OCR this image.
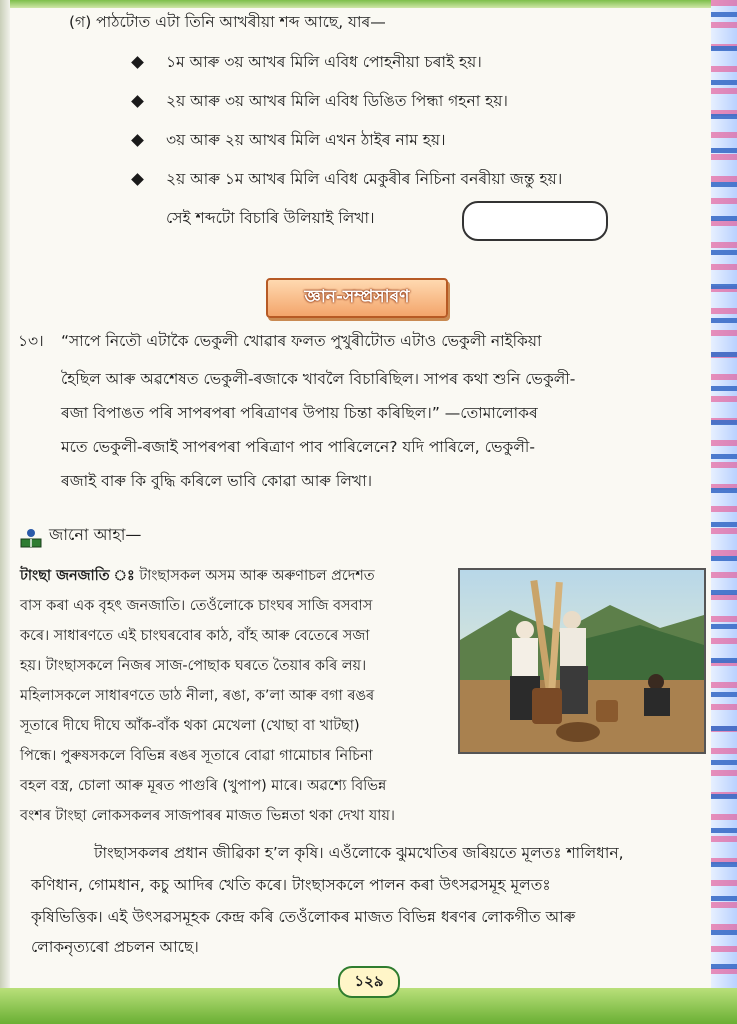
(গ) পাঠটোত এটা তিনি আখৰীয়া শব্দ আছে, যাৰ—
১ম আৰু ৩য় আখৰ মিলি এবিধ পোহনীয়া চৰাই হয়।
২য় আৰু ৩য় আখৰ মিলি এবিধ ডিঙিত পিন্ধা গহনা হয়।
৩য় আৰু ২য় আখৰ মিলি এখন ঠাইৰ নাম হয়।
২য় আৰু ১ম আখৰ মিলি এবিধ মেকুৰীৰ নিচিনা বনৰীয়া জন্তু হয়।
সেই শব্দটো বিচাৰি উলিয়াই লিখা।
জ্ঞান-সম্প্ৰসাৰণ
১৩। “সাপে নিতৌ এটাকৈ ভেকুলী খোৱাৰ ফলত পুখুৰীটোত এটাও ভেকুলী নাইকিয়া
হৈছিল আৰু অৱশেষত ভেকুলী-ৰজাকে খাবলৈ বিচাৰিছিল। সাপৰ কথা শুনি ভেকুলী-
ৰজা বিপাঙত পৰি সাপৰপৰা পৰিত্ৰাণৰ উপায় চিন্তা কৰিছিল।” —তোমালোকৰ
মতে ভেকুলী-ৰজাই সাপৰপৰা পৰিত্ৰাণ পাব পাৰিলেনে? যদি পাৰিলে, ভেকুলী-
ৰজাই বাৰু কি বুদ্ধি কৰিলে ভাবি কোৱা আৰু লিখা।
জানো আহা—
টাংছা জনজাতি ঃ টাংছাসকল অসম আৰু অৰুণাচল প্ৰদেশত
বাস কৰা এক বৃহৎ জনজাতি। তেওঁলোকে চাংঘৰ সাজি বসবাস
কৰে। সাধাৰণতে এই চাংঘৰবোৰ কাঠ, বাঁহ আৰু বেতেৰে সজা
হয়। টাংছাসকলে নিজৰ সাজ-পোছাক ঘৰতে তৈয়াৰ কৰি লয়।
মহিলাসকলে সাধাৰণতে ডাঠ নীলা, ৰঙা, ক’লা আৰু বগা ৰঙৰ
সূতাৰে দীঘে দীঘে আঁক-বাঁক থকা মেখেলা (খোছা বা খাটছা)
পিন্ধে। পুৰুষসকলে বিভিন্ন ৰঙৰ সূতাৰে বোৱা গামোচাৰ নিচিনা
বহল বস্ত্ৰ, চোলা আৰু মূৰত পাগুৰি (খুপাপ) মাৰে। অৱশ্যে বিভিন্ন
বংশৰ টাংছা লোকসকলৰ সাজপাৰৰ মাজত ভিন্নতা থকা দেখা যায়।
টাংছাসকলৰ প্ৰধান জীৱিকা হ’ল কৃষি। এওঁলোকে ঝুমখেতিৰ জৰিয়তে মূলতঃ শালিধান,
কণিধান, গোমধান, কচু আদিৰ খেতি কৰে। টাংছাসকলে পালন কৰা উৎসৱসমূহ মূলতঃ
কৃষিভিত্তিক। এই উৎসৱসমূহক কেন্দ্ৰ কৰি তেওঁলোকৰ মাজত বিভিন্ন ধৰণৰ লোকগীত আৰু
লোকনৃত্যৰো প্ৰচলন আছে।
১২৯
